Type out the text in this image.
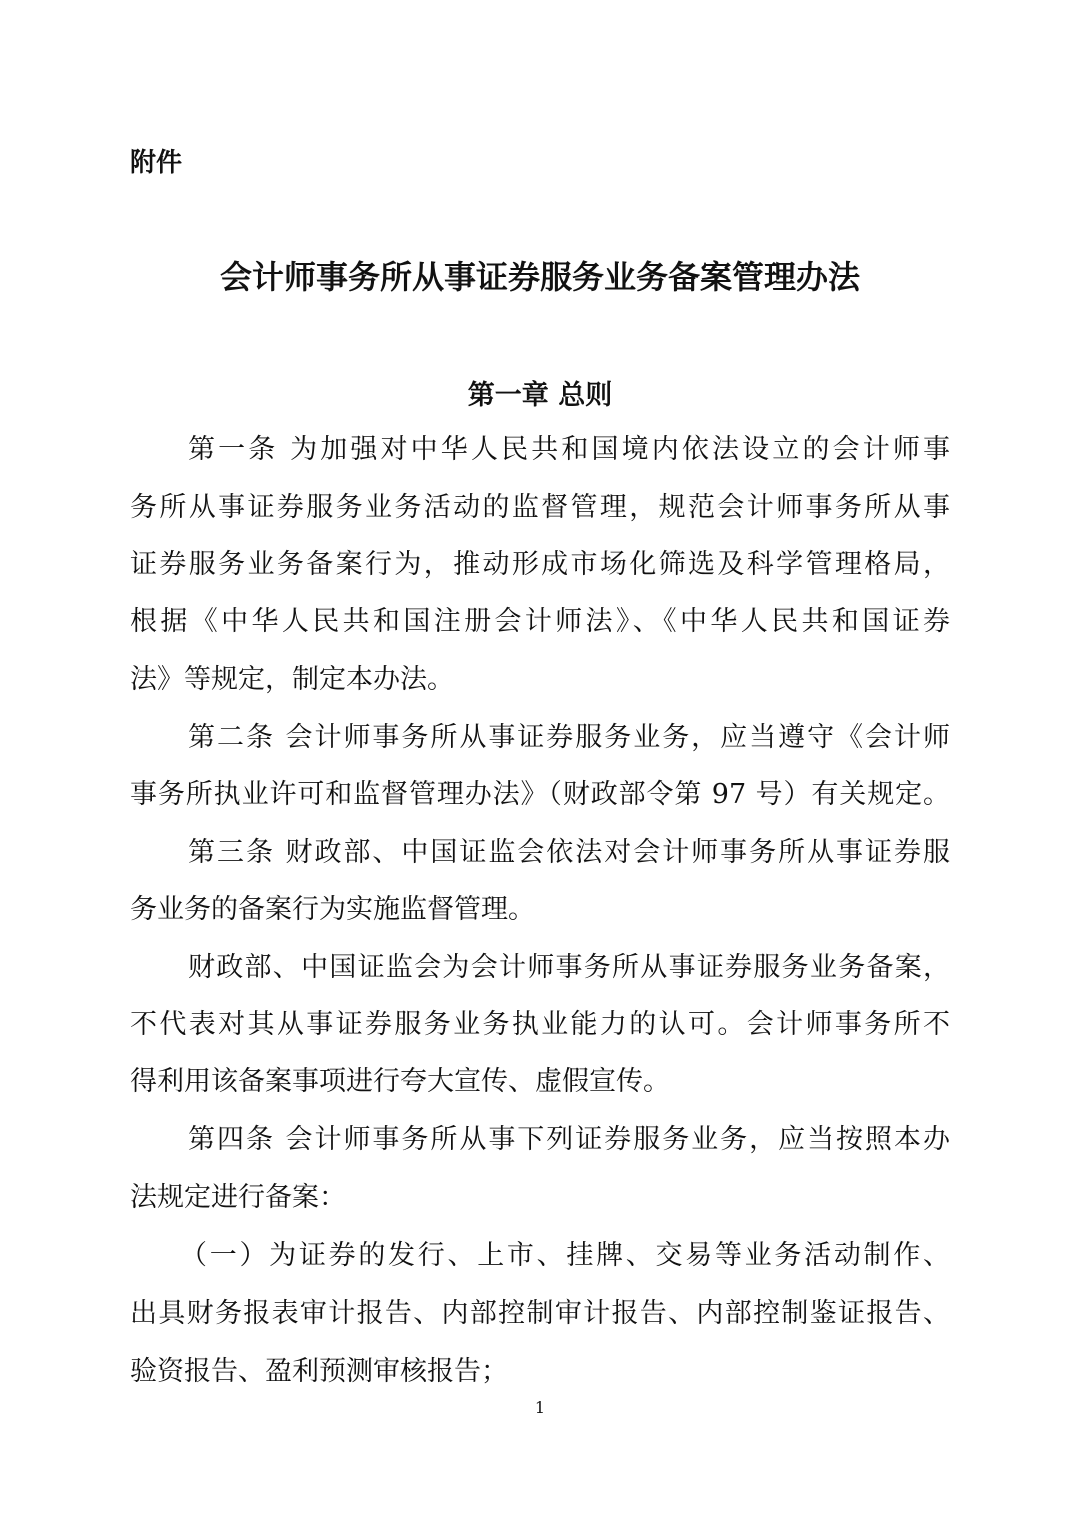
附件
会计师事务所从事证券服务业务备案管理办法
第一章 总则
第一条 为加强对中华人民共和国境内依法设立的会计师事
务所从事证券服务业务活动的监督管理，规范会计师事务所从事
证券服务业务备案行为，推动形成市场化筛选及科学管理格局，
根据《中华人民共和国注册会计师法》、《中华人民共和国证券
法》等规定，制定本办法。
第二条 会计师事务所从事证券服务业务，应当遵守《会计师
事务所执业许可和监督管理办法》（财政部令第 97 号）有关规定。
第三条 财政部、中国证监会依法对会计师事务所从事证券服
务业务的备案行为实施监督管理。
财政部、中国证监会为会计师事务所从事证券服务业务备案，
不代表对其从事证券服务业务执业能力的认可。会计师事务所不
得利用该备案事项进行夸大宣传、虚假宣传。
第四条 会计师事务所从事下列证券服务业务，应当按照本办
法规定进行备案：
（一）为证券的发行、上市、挂牌、交易等业务活动制作、
出具财务报表审计报告、内部控制审计报告、内部控制鉴证报告、
验资报告、盈利预测审核报告；
1
